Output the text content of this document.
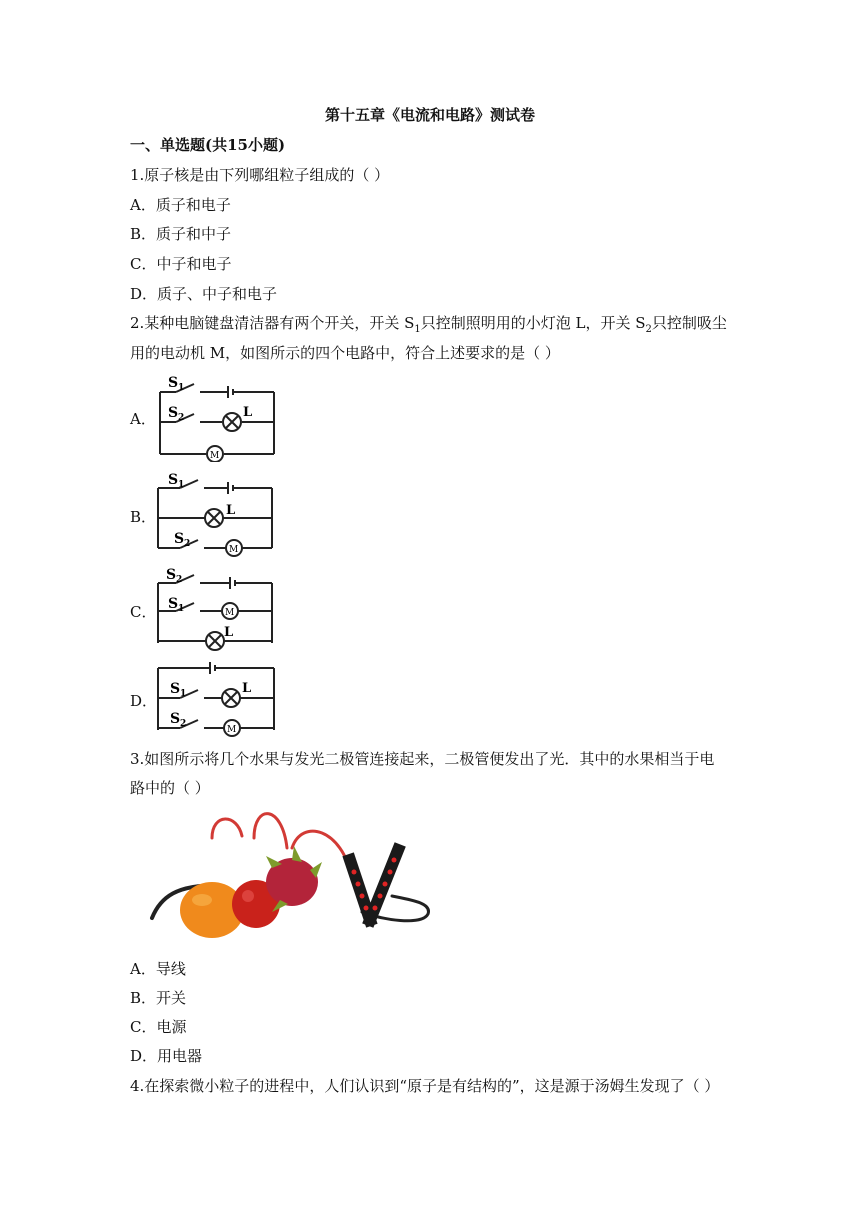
第十五章《电流和电路》测试卷
一、单选题(共15小题)
1.原子核是由下列哪组粒子组成的（ ）
A．质子和电子
B．质子和中子
C．中子和电子
D．质子、中子和电子
2.某种电脑键盘清洁器有两个开关，开关 $S_1$只控制照明用的小灯泡 L，开关 $S_2$只控制吸尘
用的电动机 M，如图所示的四个电路中，符合上述要求的是（ ）
A．
S 1
S 2	L
M
B．
S 1
L
S 2
M
C．
S 2
S 1	M
L
D．
S 1	L
S 2
M
3.如图所示将几个水果与发光二极管连接起来，二极管便发出了光．其中的水果相当于电
路中的（ ）
A．导线
B．开关
C．电源
D．用电器
4.在探索微小粒子的进程中，人们认识到“原子是有结构的”，这是源于汤姆生发现了（ ）
